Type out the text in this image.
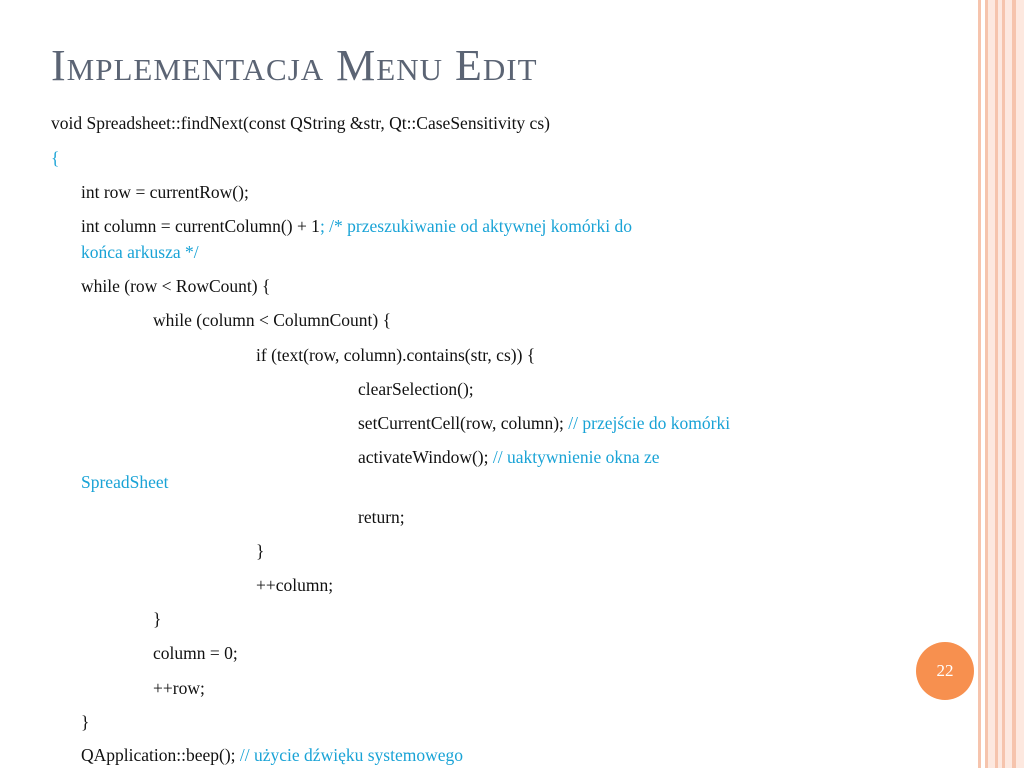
Implementacja Menu Edit
void Spreadsheet::findNext(const QString &str, Qt::CaseSensitivity cs)
{
int row = currentRow();
int column = currentColumn() + 1; /* przeszukiwanie od aktywnej komórki do
końca arkusza */
while (row < RowCount) {
while (column < ColumnCount) {
if (text(row, column).contains(str, cs)) {
clearSelection();
setCurrentCell(row, column); // przejście do komórki
activateWindow(); // uaktywnienie okna ze
SpreadSheet
return;
}
++column;
}
column = 0;
++row;
}
QApplication::beep(); // użycie dźwięku systemowego
22
